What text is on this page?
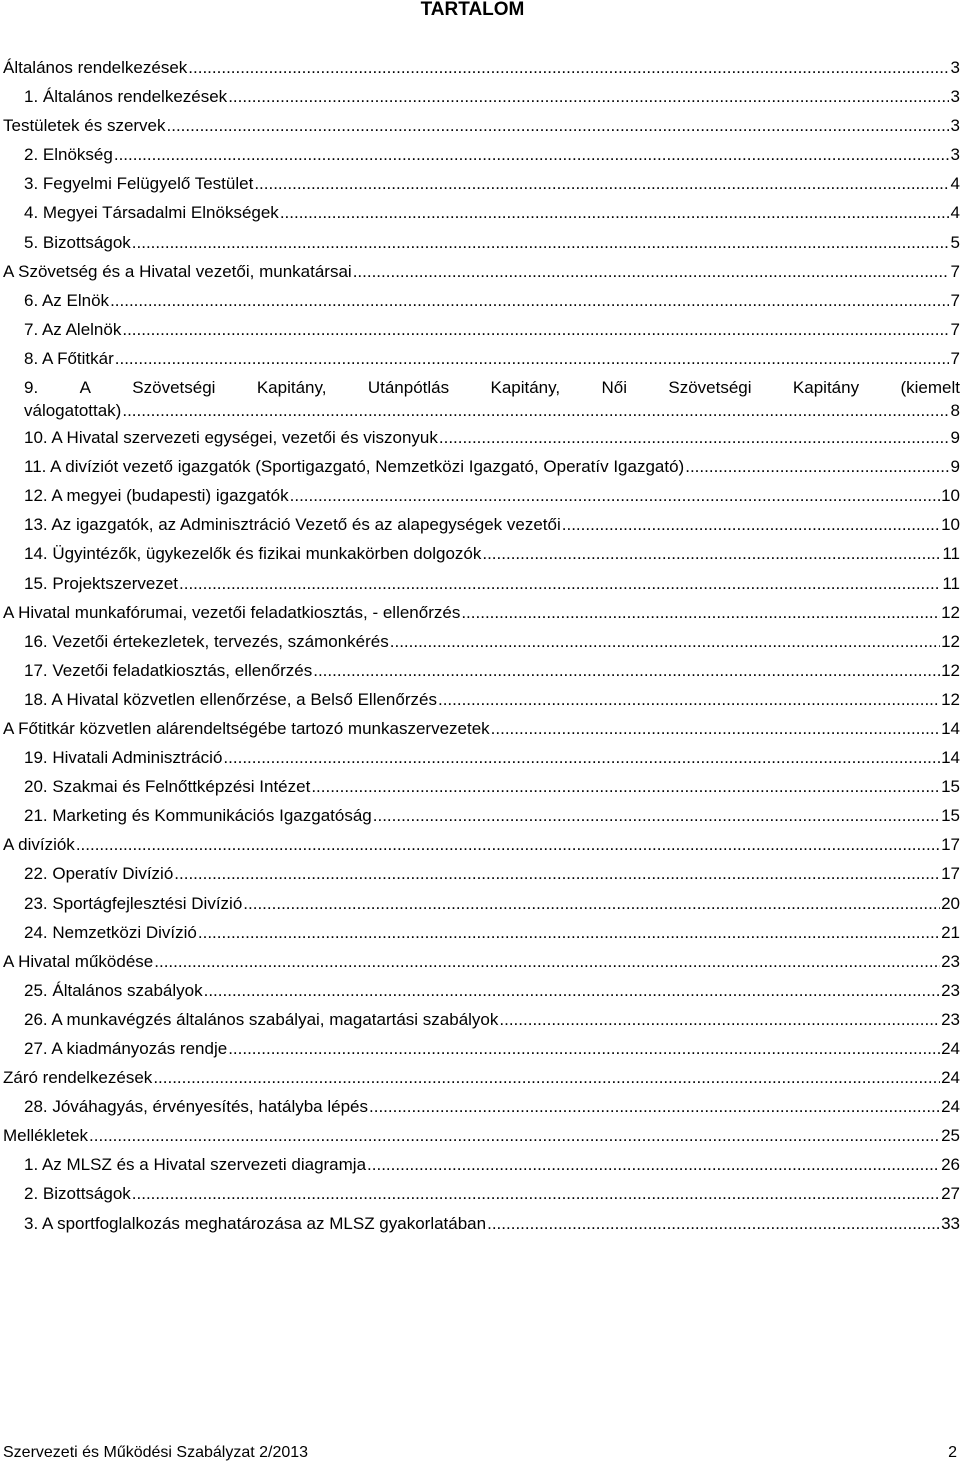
TARTALOM
Általános rendelkezések .....	3
1. Általános rendelkezések .....	3
Testületek és szervek .....	3
2. Elnökség .....	3
3. Fegyelmi Felügyelő Testület .....	4
4. Megyei Társadalmi Elnökségek .....	4
5. Bizottságok .....	5
A Szövetség és a Hivatal vezetői, munkatársai .....	7
6. Az Elnök .....	7
7. Az Alelnök .....	7
8. A Főtitkár .....	7
9. A Szövetségi Kapitány, Utánpótlás Kapitány, Női Szövetségi Kapitány (kiemelt
válogatottak) .....	8
10. A Hivatal szervezeti egységei, vezetői és viszonyuk .....	9
11. A divíziót vezető igazgatók (Sportigazgató, Nemzetközi Igazgató, Operatív Igazgató) .....	9
12. A megyei (budapesti) igazgatók .....	10
13. Az igazgatók, az Adminisztráció Vezető és az alapegységek vezetői .....	10
14. Ügyintézők, ügykezelők és fizikai munkakörben dolgozók .....	11
15. Projektszervezet .....	11
A Hivatal munkafórumai, vezetői feladatkiosztás, - ellenőrzés .....	12
16. Vezetői értekezletek, tervezés, számonkérés .....	12
17. Vezetői feladatkiosztás, ellenőrzés .....	12
18. A Hivatal közvetlen ellenőrzése, a Belső Ellenőrzés .....	12
A Főtitkár közvetlen alárendeltségébe tartozó munkaszervezetek .....	14
19. Hivatali Adminisztráció .....	14
20. Szakmai és Felnőttképzési Intézet .....	15
21. Marketing és Kommunikációs Igazgatóság .....	15
A divíziók .....	17
22. Operatív Divízió .....	17
23. Sportágfejlesztési Divízió .....	20
24. Nemzetközi Divízió .....	21
A Hivatal működése .....	23
25. Általános szabályok .....	23
26. A munkavégzés általános szabályai, magatartási szabályok .....	23
27. A kiadmányozás rendje .....	24
Záró rendelkezések .....	24
28. Jóváhagyás, érvényesítés, hatályba lépés .....	24
Mellékletek .....	25
1. Az MLSZ és a Hivatal szervezeti diagramja .....	26
2. Bizottságok .....	27
3. A sportfoglalkozás meghatározása az MLSZ gyakorlatában .....	33
Szervezeti és Működési Szabályzat 2/2013	2
